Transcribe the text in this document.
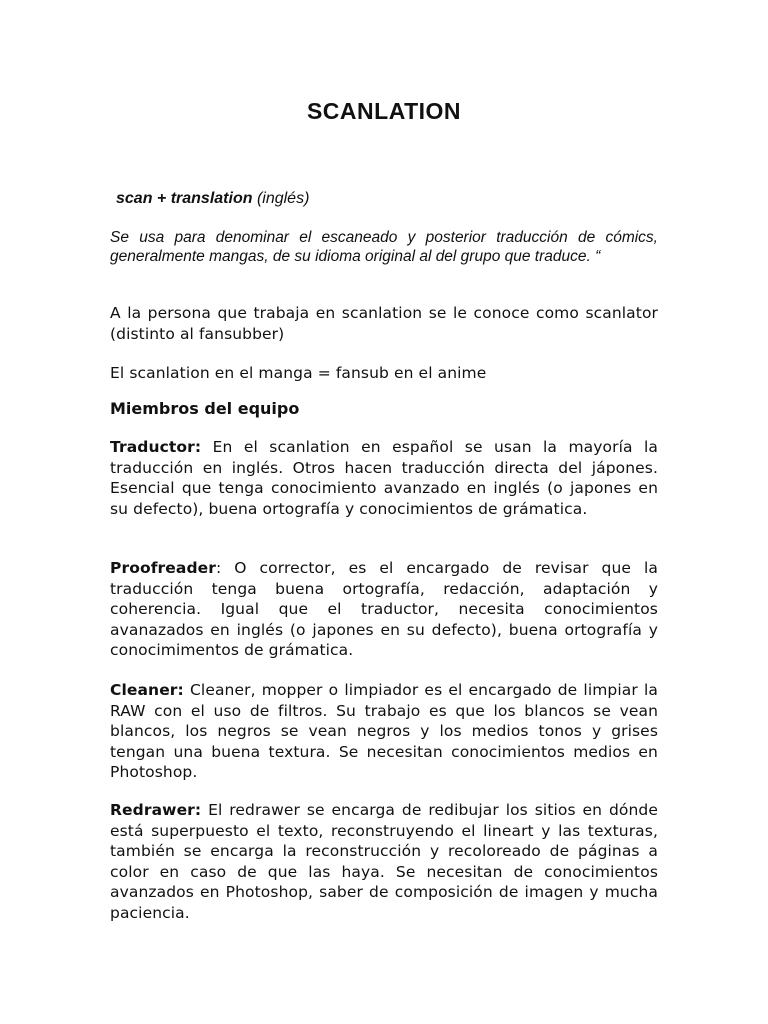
SCANLATION

scan + translation (inglés)

Se usa para denominar el escaneado y posterior traducción de cómics, generalmente mangas, de su idioma original al del grupo que traduce. “

A la persona que trabaja en scanlation se le conoce como scanlator (distinto al fansubber)

El scanlation en el manga = fansub en el anime

Miembros del equipo

Traductor: En el scanlation en español se usan la mayoría la traducción en inglés. Otros hacen traducción directa del jápones. Esencial que tenga conocimiento avanzado en inglés (o japones en su defecto), buena ortografía y conocimientos de grámatica.

Proofreader: O corrector, es el encargado de revisar que la traducción tenga buena ortografía, redacción, adaptación y coherencia. Igual que el traductor, necesita conocimientos avanazados en inglés (o japones en su defecto), buena ortografía y conocimimentos de grámatica.

Cleaner: Cleaner, mopper o limpiador es el encargado de limpiar la RAW con el uso de filtros. Su trabajo es que los blancos se vean blancos, los negros se vean negros y los medios tonos y grises tengan una buena textura. Se necesitan conocimientos medios en Photoshop.

Redrawer: El redrawer se encarga de redibujar los sitios en dónde está superpuesto el texto, reconstruyendo el lineart y las texturas, también se encarga la reconstrucción y recoloreado de páginas a color en caso de que las haya. Se necesitan de conocimientos avanzados en Photoshop, saber de composición de imagen y mucha paciencia.
